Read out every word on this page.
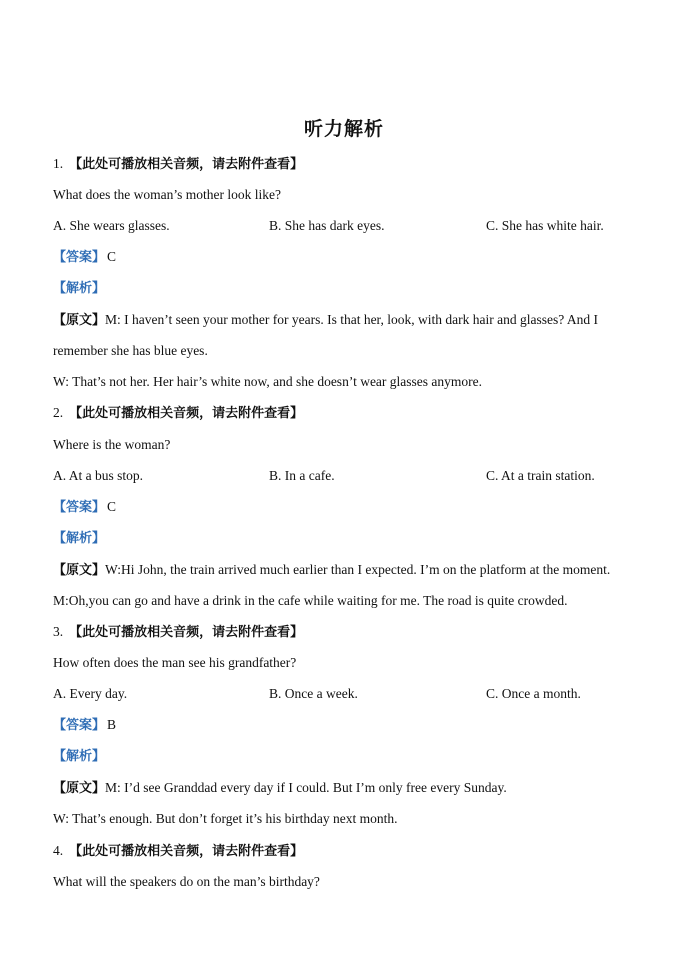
听力解析
1. 【此处可播放相关音频，请去附件查看】
What does the woman’s mother look like?
A. She wears glasses.	B. She has dark eyes.	C. She has white hair.
【答案】 C
【解析】
【原文】M: I haven’t seen your mother for years. Is that her, look, with dark hair and glasses? And I
remember she has blue eyes.
W: That’s not her. Her hair’s white now, and she doesn’t wear glasses anymore.
2. 【此处可播放相关音频，请去附件查看】
Where is the woman?
A. At a bus stop.	B. In a cafe.	C. At a train station.
【答案】 C
【解析】
【原文】W:Hi John, the train arrived much earlier than I expected. I’m on the platform at the moment.
M:Oh,you can go and have a drink in the cafe while waiting for me. The road is quite crowded.
3. 【此处可播放相关音频，请去附件查看】
How often does the man see his grandfather?
A. Every day.	B. Once a week.	C. Once a month.
【答案】 B
【解析】
【原文】M: I’d see Granddad every day if I could. But I’m only free every Sunday.
W: That’s enough. But don’t forget it’s his birthday next month.
4. 【此处可播放相关音频，请去附件查看】
What will the speakers do on the man’s birthday?
